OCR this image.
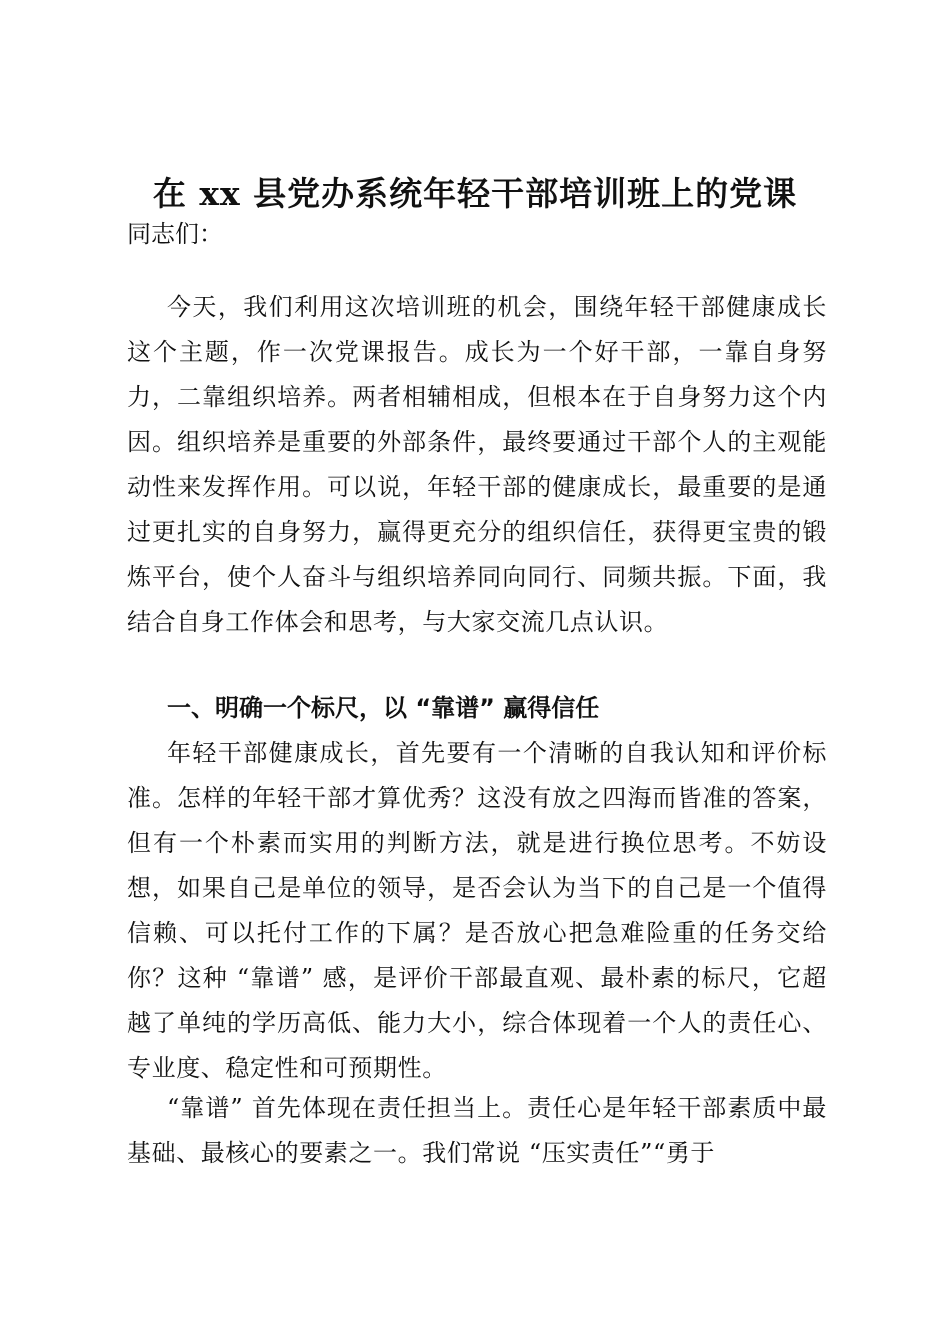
在 xx 县党办系统年轻干部培训班上的党课
同志们：
今天，我们利用这次培训班的机会，围绕年轻干部健康成长这个主题，作一次党课报告。成长为一个好干部，一靠自身努力，二靠组织培养。两者相辅相成，但根本在于自身努力这个内因。组织培养是重要的外部条件，最终要通过干部个人的主观能动性来发挥作用。可以说，年轻干部的健康成长，最重要的是通过更扎实的自身努力，赢得更充分的组织信任，获得更宝贵的锻炼平台，使个人奋斗与组织培养同向同行、同频共振。下面，我结合自身工作体会和思考，与大家交流几点认识。
一、明确一个标尺，以 “靠谱” 赢得信任
年轻干部健康成长，首先要有一个清晰的自我认知和评价标准。怎样的年轻干部才算优秀？这没有放之四海而皆准的答案，但有一个朴素而实用的判断方法，就是进行换位思考。不妨设想，如果自己是单位的领导，是否会认为当下的自己是一个值得信赖、可以托付工作的下属？是否放心把急难险重的任务交给你？这种 “靠谱” 感，是评价干部最直观、最朴素的标尺，它超越了单纯的学历高低、能力大小，综合体现着一个人的责任心、专业度、稳定性和可预期性。
“靠谱” 首先体现在责任担当上。责任心是年轻干部素质中最基础、最核心的要素之一。我们常说 “压实责任”“勇于
